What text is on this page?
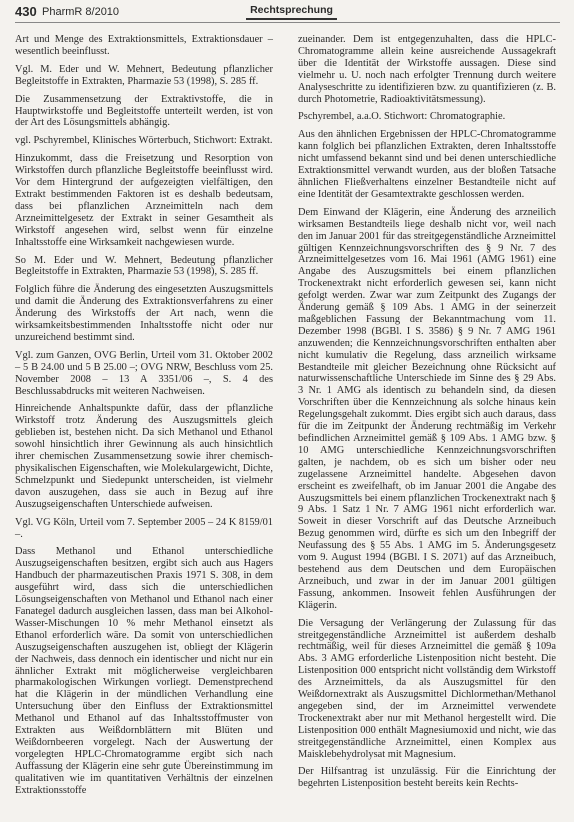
430 PharmR 8/2010	Rechtsprechung

Art und Menge des Extraktionsmittels, Extraktionsdauer – wesentlich beeinflusst.

Vgl. M. Eder und W. Mehnert, Bedeutung pflanzlicher Begleitstoffe in Extrakten, Pharmazie 53 (1998), S. 285 ff.

Die Zusammensetzung der Extraktivstoffe, die in Hauptwirkstoffe und Begleitstoffe unterteilt werden, ist von der Art des Lösungsmittels abhängig.

vgl. Pschyrembel, Klinisches Wörterbuch, Stichwort: Extrakt.

Hinzukommt, dass die Freisetzung und Resorption von Wirkstoffen durch pflanzliche Begleitstoffe beeinflusst wird. Vor dem Hintergrund der aufgezeigten vielfältigen, den Extrakt bestimmenden Faktoren ist es deshalb bedeutsam, dass bei pflanzlichen Arzneimitteln nach dem Arzneimittelgesetz der Extrakt in seiner Gesamtheit als Wirkstoff angesehen wird, selbst wenn für einzelne Inhaltsstoffe eine Wirksamkeit nachgewiesen wurde.

So M. Eder und W. Mehnert, Bedeutung pflanzlicher Begleitstoffe in Extrakten, Pharmazie 53 (1998), S. 285 ff.

Folglich führe die Änderung des eingesetzten Auszugsmittels und damit die Änderung des Extraktionsverfahrens zu einer Änderung des Wirkstoffs der Art nach, wenn die wirksamkeitsbestimmenden Inhaltsstoffe nicht oder nur unzureichend bestimmt sind.

Vgl. zum Ganzen, OVG Berlin, Urteil vom 31. Oktober 2002 – 5 B 24.00 und 5 B 25.00 –; OVG NRW, Beschluss vom 25. November 2008 – 13 A 3351/06 –, S. 4 des Beschlussabdrucks mit weiteren Nachweisen.

Hinreichende Anhaltspunkte dafür, dass der pflanzliche Wirkstoff trotz Änderung des Auszugsmittels gleich geblieben ist, bestehen nicht. Da sich Methanol und Ethanol sowohl hinsichtlich ihrer Gewinnung als auch hinsichtlich ihrer chemischen Zusammensetzung sowie ihrer chemisch-physikalischen Eigenschaften, wie Molekulargewicht, Dichte, Schmelzpunkt und Siedepunkt unterscheiden, ist vielmehr davon auszugehen, dass sie auch in Bezug auf ihre Auszugseigenschaften Unterschiede aufweisen.

Vgl. VG Köln, Urteil vom 7. September 2005 – 24 K 8159/01 –.

Dass Methanol und Ethanol unterschiedliche Auszugseigenschaften besitzen, ergibt sich auch aus Hagers Handbuch der pharmazeutischen Praxis 1971 S. 308, in dem ausgeführt wird, dass sich die unterschiedlichen Lösungseigenschaften von Methanol und Ethanol nach einer Fanategel dadurch ausgleichen lassen, dass man bei Alkohol-Wasser-Mischungen 10 % mehr Methanol einsetzt als Ethanol erforderlich wäre. Da somit von unterschiedlichen Auszugseigenschaften auszugehen ist, obliegt der Klägerin der Nachweis, dass dennoch ein identischer und nicht nur ein ähnlicher Extrakt mit möglicherweise vergleichbaren pharmakologischen Wirkungen vorliegt. Demenstprechend hat die Klägerin in der mündlichen Verhandlung eine Untersuchung über den Einfluss der Extraktionsmittel Methanol und Ethanol auf das Inhaltsstoffmuster von Extrakten aus Weißdornblättern mit Blüten und Weißdornbeeren vorgelegt. Nach der Auswertung der vorgelegten HPLC-Chromatogramme ergibt sich nach Auffassung der Klägerin eine sehr gute Übereinstimmung im qualitativen wie im quantitativen Verhältnis der einzelnen Extraktionsstoffe

zueinander. Dem ist entgegenzuhalten, dass die HPLC-Chromatogramme allein keine ausreichende Aussagekraft über die Identität der Wirkstoffe aussagen. Diese sind vielmehr u. U. noch nach erfolgter Trennung durch weitere Analyseschritte zu identifizieren bzw. zu quantifizieren (z. B. durch Photometrie, Radioaktivitätsmessung).

Pschyrembel, a.a.O. Stichwort: Chromatographie.

Aus den ähnlichen Ergebnissen der HPLC-Chromatogramme kann folglich bei pflanzlichen Extrakten, deren Inhaltsstoffe nicht umfassend bekannt sind und bei denen unterschiedliche Extraktionsmittel verwandt wurden, aus der bloßen Tatsache ähnlichen Fließverhaltens einzelner Bestandteile nicht auf eine Identität der Gesamtextrakte geschlossen werden.

Dem Einwand der Klägerin, eine Änderung des arzneilich wirksamen Bestandteils liege deshalb nicht vor, weil nach den im Januar 2001 für das streitgegenständliche Arzneimittel gültigen Kennzeichnungsvorschriften des § 9 Nr. 7 des Arzneimittelgesetzes vom 16. Mai 1961 (AMG 1961) eine Angabe des Auszugsmittels bei einem pflanzlichen Trockenextrakt nicht erforderlich gewesen sei, kann nicht gefolgt werden. Zwar war zum Zeitpunkt des Zugangs der Änderung gemäß § 109 Abs. 1 AMG in der seinerzeit maßgeblichen Fassung der Bekanntmachung vom 11. Dezember 1998 (BGBl. I S. 3586) § 9 Nr. 7 AMG 1961 anzuwenden; die Kennzeichnungsvorschriften enthalten aber nicht kumulativ die Regelung, dass arzneilich wirksame Bestandteile mit gleicher Bezeichnung ohne Rücksicht auf naturwissenschaftliche Unterschiede im Sinne des § 29 Abs. 3 Nr. 1 AMG als identisch zu behandeln sind, da diesen Vorschriften über die Kennzeichnung als solche hinaus kein Regelungsgehalt zukommt. Dies ergibt sich auch daraus, dass für die im Zeitpunkt der Änderung rechtmäßig im Verkehr befindlichen Arzneimittel gemäß § 109 Abs. 1 AMG bzw. § 10 AMG unterschiedliche Kennzeichnungsvorschriften galten, je nachdem, ob es sich um bisher oder neu zugelassene Arzneimittel handelte. Abgesehen davon erscheint es zweifelhaft, ob im Januar 2001 die Angabe des Auszugsmittels bei einem pflanzlichen Trockenextrakt nach § 9 Abs. 1 Satz 1 Nr. 7 AMG 1961 nicht erforderlich war. Soweit in dieser Vorschrift auf das Deutsche Arzneibuch Bezug genommen wird, dürfte es sich um den Inbegriff der Neufassung des § 55 Abs. 1 AMG im 5. Änderungsgesetz vom 9. August 1994 (BGBl. I S. 2071) auf das Arzneibuch, bestehend aus dem Deutschen und dem Europäischen Arzneibuch, und zwar in der im Januar 2001 gültigen Fassung, ankommen. Insoweit fehlen Ausführungen der Klägerin.

Die Versagung der Verlängerung der Zulassung für das streitgegenständliche Arzneimittel ist außerdem deshalb rechtmäßig, weil für dieses Arzneimittel die gemäß § 109a Abs. 3 AMG erforderliche Listenposition nicht besteht. Die Listenposition 000 entspricht nicht vollständig dem Wirkstoff des Arzneimittels, da als Auszugsmittel für den Weißdornextrakt als Auszugsmittel Dichlormethan/Methanol angegeben sind, der im Arzneimittel verwendete Trockenextrakt aber nur mit Methanol hergestellt wird. Die Listenposition 000 enthält Magnesiumoxid und nicht, wie das streitgegenständliche Arzneimittel, einen Komplex aus Maisklebehydrolysat mit Magnesium.

Der Hilfsantrag ist unzulässig. Für die Einrichtung der begehrten Listenposition besteht bereits kein Rechts-
